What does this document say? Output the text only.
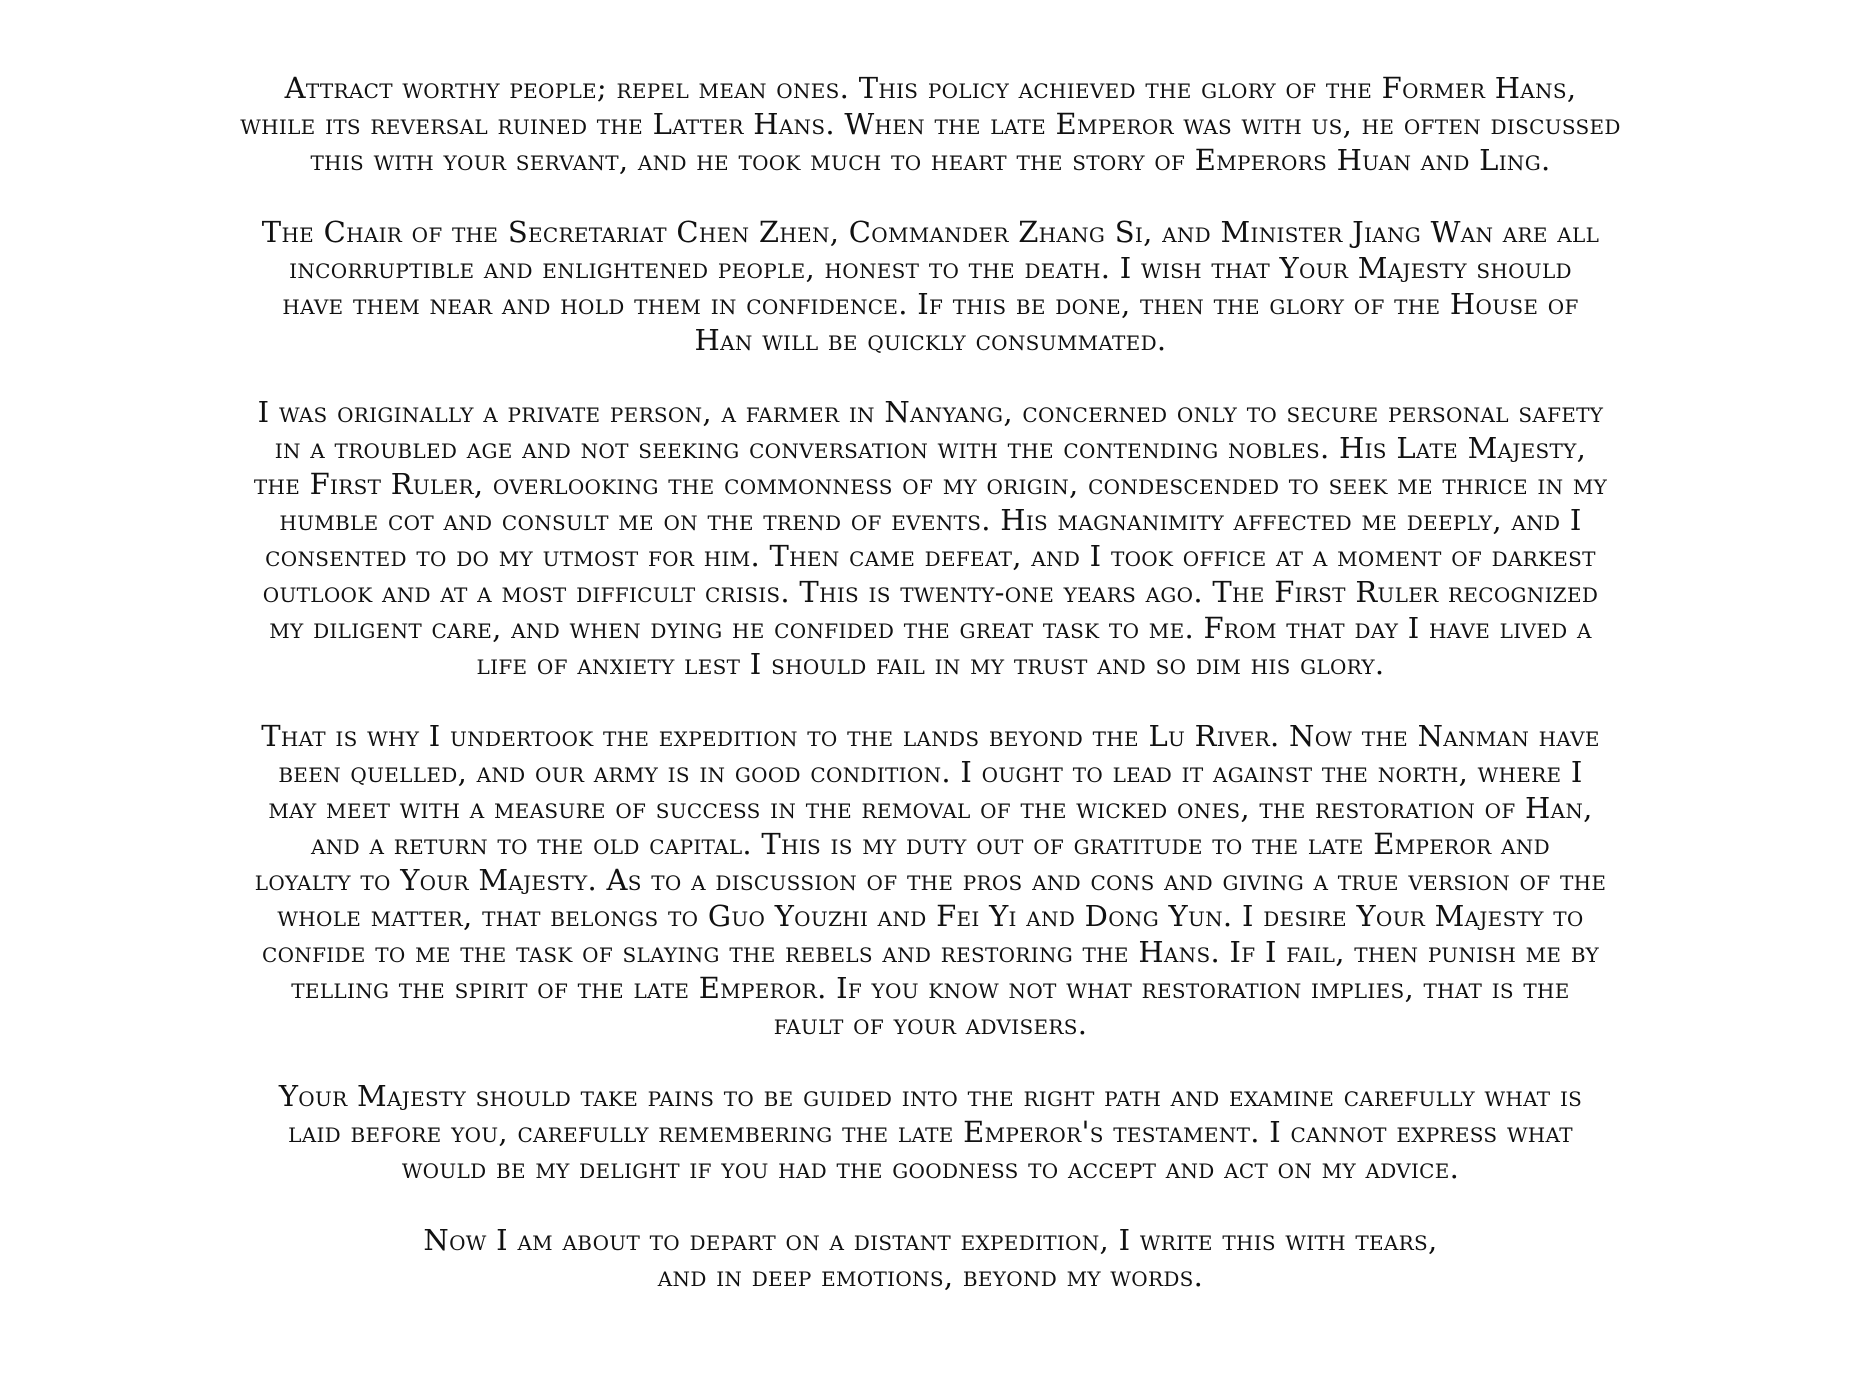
Attract worthy people; repel mean ones. This policy achieved the glory of the Former Hans,
while its reversal ruined the Latter Hans. When the late Emperor was with us, he often discussed
this with your servant, and he took much to heart the story of Emperors Huan and Ling.

The Chair of the Secretariat Chen Zhen, Commander Zhang Si, and Minister Jiang Wan are all
incorruptible and enlightened people, honest to the death. I wish that Your Majesty should
have them near and hold them in confidence. If this be done, then the glory of the House of
Han will be quickly consummated.

I was originally a private person, a farmer in Nanyang, concerned only to secure personal safety
in a troubled age and not seeking conversation with the contending nobles. His Late Majesty,
the First Ruler, overlooking the commonness of my origin, condescended to seek me thrice in my
humble cot and consult me on the trend of events. His magnanimity affected me deeply, and I
consented to do my utmost for him. Then came defeat, and I took office at a moment of darkest
outlook and at a most difficult crisis. This is twenty-one years ago. The First Ruler recognized
my diligent care, and when dying he confided the great task to me. From that day I have lived a
life of anxiety lest I should fail in my trust and so dim his glory.

That is why I undertook the expedition to the lands beyond the Lu River. Now the Nanman have
been quelled, and our army is in good condition. I ought to lead it against the north, where I
may meet with a measure of success in the removal of the wicked ones, the restoration of Han,
and a return to the old capital. This is my duty out of gratitude to the late Emperor and
loyalty to Your Majesty. As to a discussion of the pros and cons and giving a true version of the
whole matter, that belongs to Guo Youzhi and Fei Yi and Dong Yun. I desire Your Majesty to
confide to me the task of slaying the rebels and restoring the Hans. If I fail, then punish me by
telling the spirit of the late Emperor. If you know not what restoration implies, that is the
fault of your advisers.

Your Majesty should take pains to be guided into the right path and examine carefully what is
laid before you, carefully remembering the late Emperor's testament. I cannot express what
would be my delight if you had the goodness to accept and act on my advice.

Now I am about to depart on a distant expedition, I write this with tears,
and in deep emotions, beyond my words.
